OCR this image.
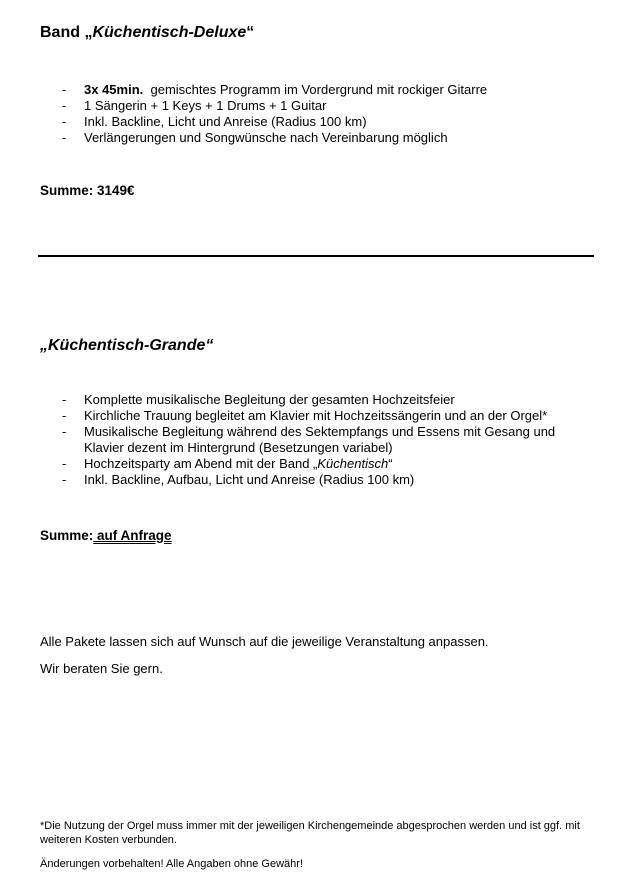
Band „Küchentisch-Deluxe“
- 3x 45min.  gemischtes Programm im Vordergrund mit rockiger Gitarre
- 1 Sängerin + 1 Keys + 1 Drums + 1 Guitar
- Inkl. Backline, Licht und Anreise (Radius 100 km)
- Verlängerungen und Songwünsche nach Vereinbarung möglich
Summe: 3149€
„Küchentisch-Grande“
- Komplette musikalische Begleitung der gesamten Hochzeitsfeier
- Kirchliche Trauung begleitet am Klavier mit Hochzeitssängerin und an der Orgel*
- Musikalische Begleitung während des Sektempfangs und Essens mit Gesang und
Klavier dezent im Hintergrund (Besetzungen variabel)
- Hochzeitsparty am Abend mit der Band „Küchentisch“
- Inkl. Backline, Aufbau, Licht und Anreise (Radius 100 km)
Summe: auf Anfrage
Alle Pakete lassen sich auf Wunsch auf die jeweilige Veranstaltung anpassen.
Wir beraten Sie gern.
*Die Nutzung der Orgel muss immer mit der jeweiligen Kirchengemeinde abgesprochen werden und ist ggf. mit weiteren Kosten verbunden.
Änderungen vorbehalten! Alle Angaben ohne Gewähr!
